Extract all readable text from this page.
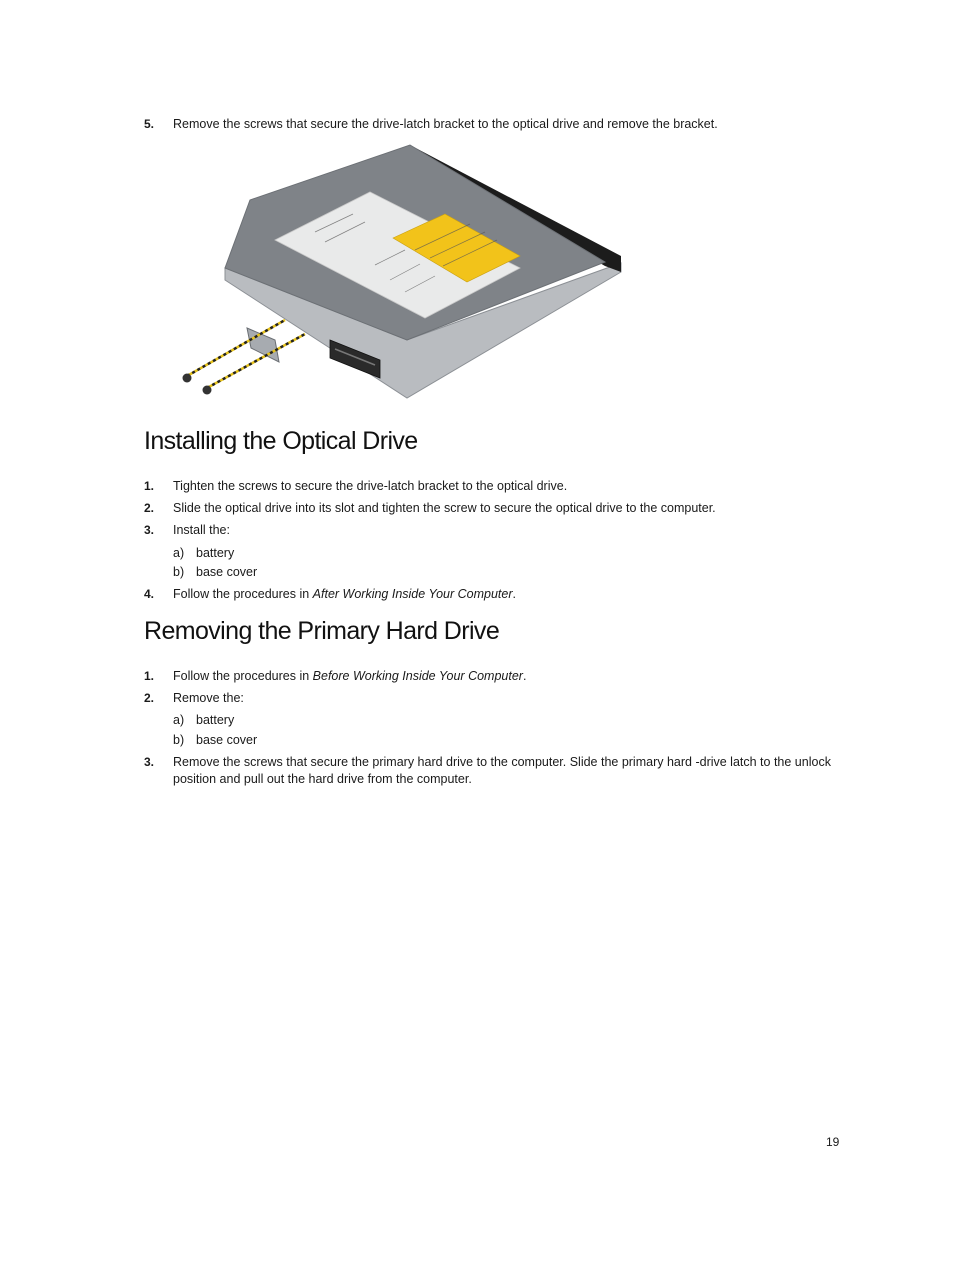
5. Remove the screws that secure the drive-latch bracket to the optical drive and remove the bracket.
Installing the Optical Drive
1. Tighten the screws to secure the drive-latch bracket to the optical drive.
2. Slide the optical drive into its slot and tighten the screw to secure the optical drive to the computer.
3. Install the:
a) battery
b) base cover
4. Follow the procedures in After Working Inside Your Computer.
Removing the Primary Hard Drive
1. Follow the procedures in Before Working Inside Your Computer.
2. Remove the:
a) battery
b) base cover
3. Remove the screws that secure the primary hard drive to the computer. Slide the primary hard -drive latch to the unlock position and pull out the hard drive from the computer.
19
